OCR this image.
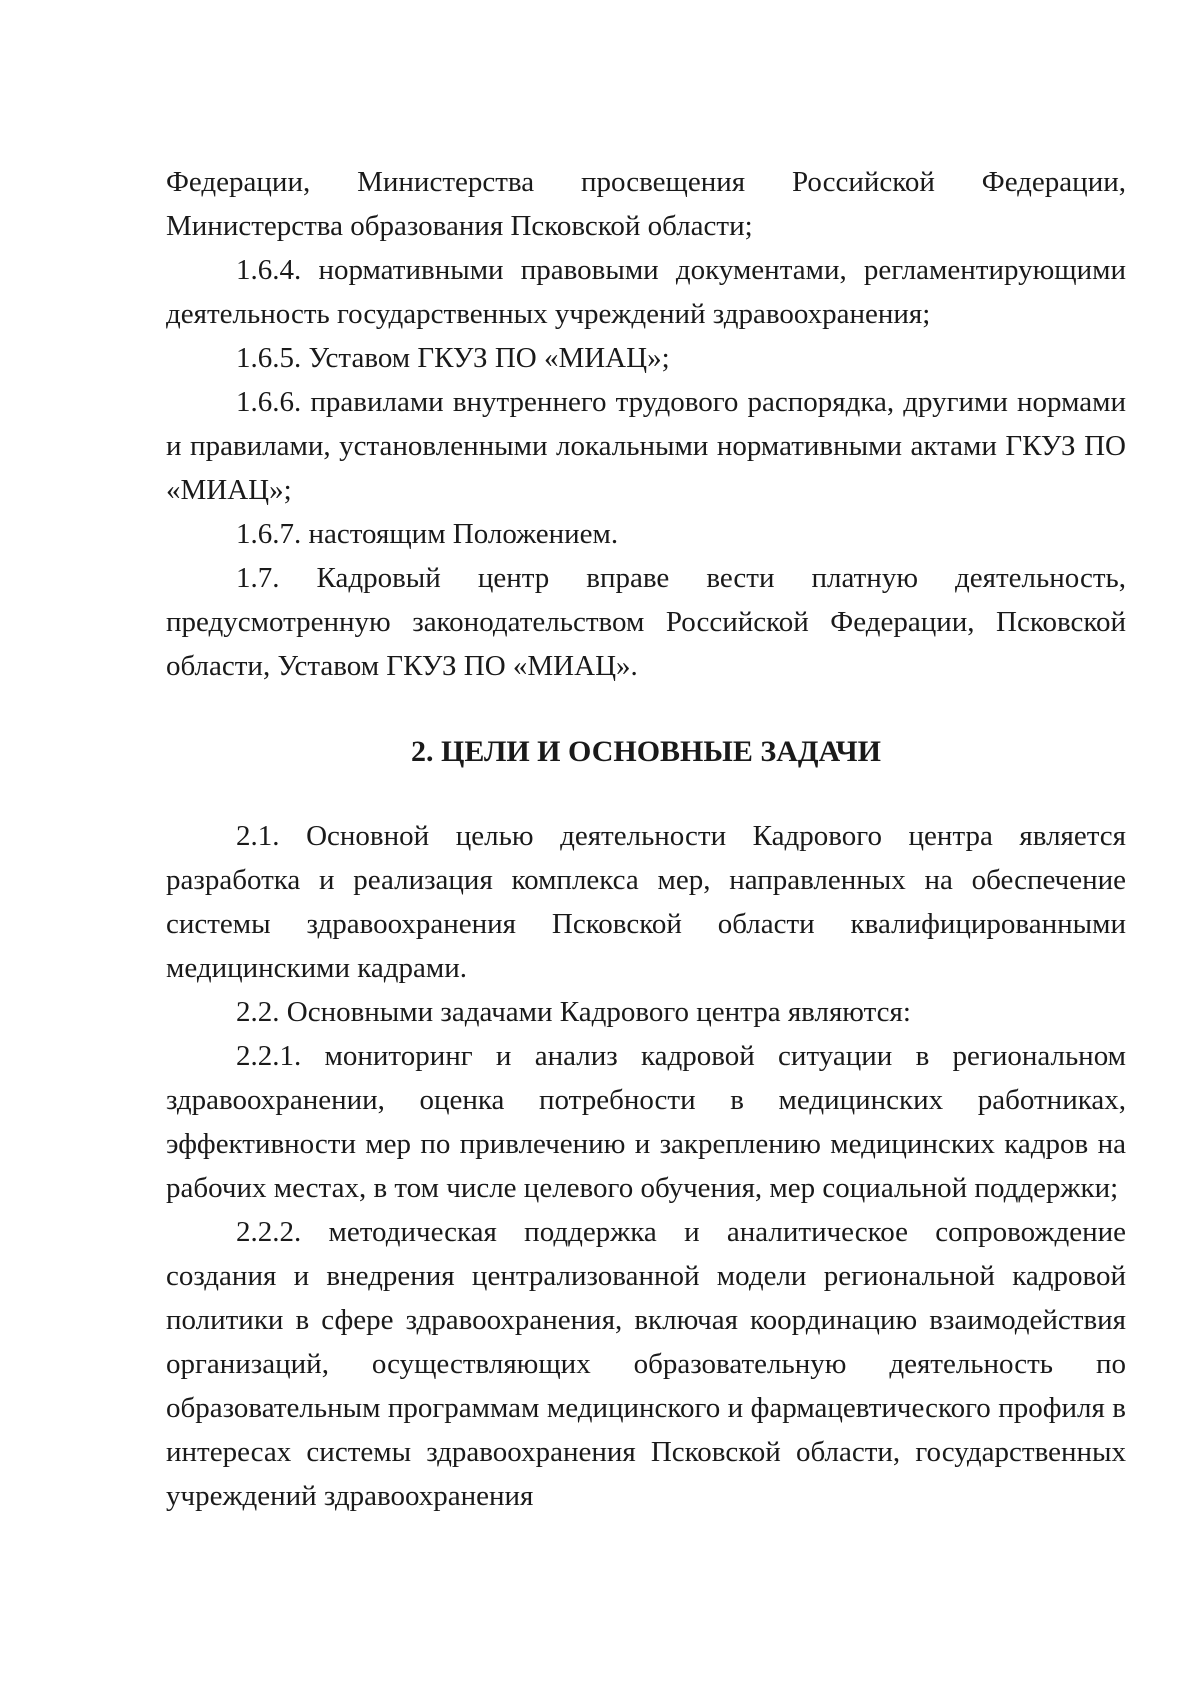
Федерации, Министерства просвещения Российской Федерации, Министерства образования Псковской области;

1.6.4. нормативными правовыми документами, регламентирующими деятельность государственных учреждений здравоохранения;

1.6.5. Уставом ГКУЗ ПО «МИАЦ»;

1.6.6. правилами внутреннего трудового распорядка, другими нормами и правилами, установленными локальными нормативными актами ГКУЗ ПО «МИАЦ»;

1.6.7. настоящим Положением.

1.7. Кадровый центр вправе вести платную деятельность, предусмотренную законодательством Российской Федерации, Псковской области, Уставом ГКУЗ ПО «МИАЦ».

2. ЦЕЛИ И ОСНОВНЫЕ ЗАДАЧИ

2.1. Основной целью деятельности Кадрового центра является разработка и реализация комплекса мер, направленных на обеспечение системы здравоохранения Псковской области квалифицированными медицинскими кадрами.

2.2. Основными задачами Кадрового центра являются:

2.2.1. мониторинг и анализ кадровой ситуации в региональном здравоохранении, оценка потребности в медицинских работниках, эффективности мер по привлечению и закреплению медицинских кадров на рабочих местах, в том числе целевого обучения, мер социальной поддержки;

2.2.2. методическая поддержка и аналитическое сопровождение создания и внедрения централизованной модели региональной кадровой политики в сфере здравоохранения, включая координацию взаимодействия организаций, осуществляющих образовательную деятельность по образовательным программам медицинского и фармацевтического профиля в интересах системы здравоохранения Псковской области, государственных учреждений здравоохранения
